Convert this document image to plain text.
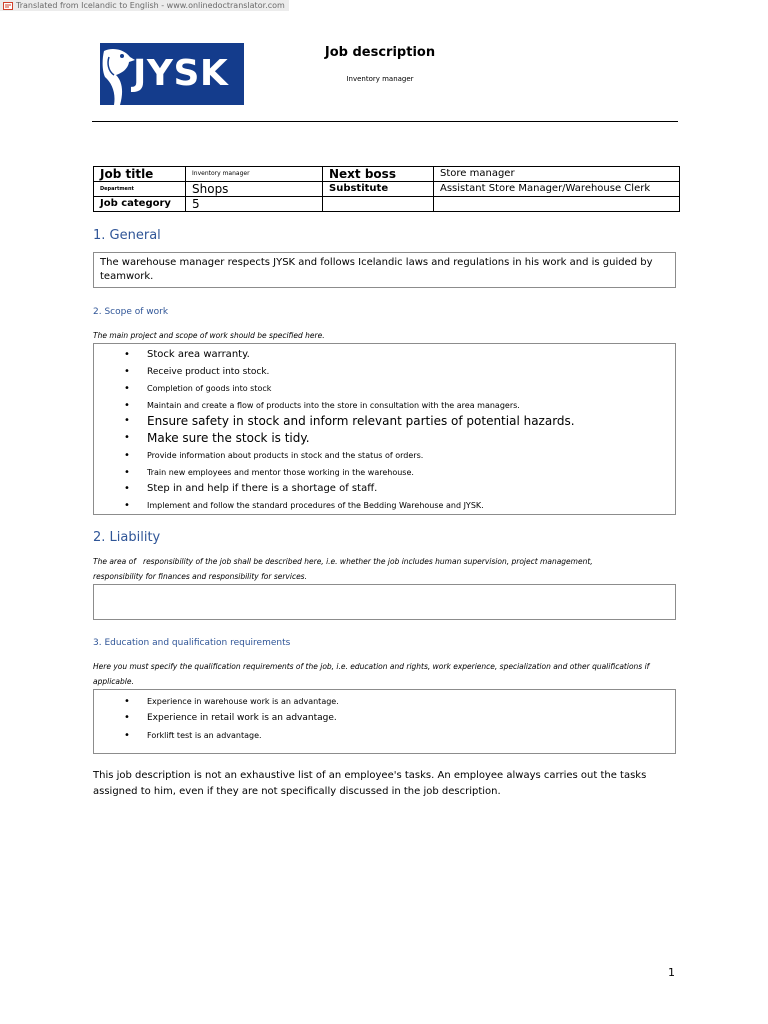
Translated from Icelandic to English - www.onlinedoctranslator.com
JYSK
Job description
Inventory manager
Job title	Inventory manager	Next boss	Store manager
Department	Shops	Substitute	Assistant Store Manager/Warehouse Clerk
Job category	5		
1. General
The warehouse manager respects JYSK and follows Icelandic laws and regulations in his work and is guided by teamwork.
2. Scope of work
The main project and scope of work should be specified here.
• Stock area warranty.
• Receive product into stock.
• Completion of goods into stock
• Maintain and create a flow of products into the store in consultation with the area managers.
• Ensure safety in stock and inform relevant parties of potential hazards.
• Make sure the stock is tidy.
• Provide information about products in stock and the status of orders.
• Train new employees and mentor those working in the warehouse.
• Step in and help if there is a shortage of staff.
• Implement and follow the standard procedures of the Bedding Warehouse and JYSK.
2. Liability
The area of   responsibility of the job shall be described here, i.e. whether the job includes human supervision, project management,
responsibility for finances and responsibility for services.
3. Education and qualification requirements
Here you must specify the qualification requirements of the job, i.e. education and rights, work experience, specialization and other qualifications if
applicable.
• Experience in warehouse work is an advantage.
• Experience in retail work is an advantage.
• Forklift test is an advantage.
This job description is not an exhaustive list of an employee's tasks. An employee always carries out the tasks assigned to him, even if they are not specifically discussed in the job description.
1
